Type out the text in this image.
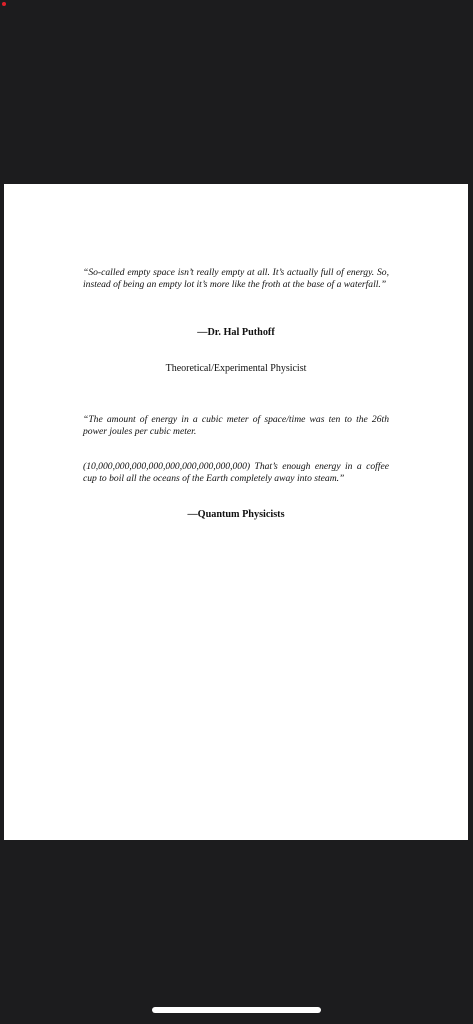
“So-called empty space isn’t really empty at all. It’s actually full of energy. So, instead of being an empty lot it’s more like the froth at the base of a waterfall.”
—Dr. Hal Puthoff
Theoretical/Experimental Physicist
“The amount of energy in a cubic meter of space/time was ten to the 26th power joules per cubic meter.
(10,000,000,000,000,000,000,000,000,000) That’s enough energy in a coffee cup to boil all the oceans of the Earth completely away into steam.”
—Quantum Physicists
